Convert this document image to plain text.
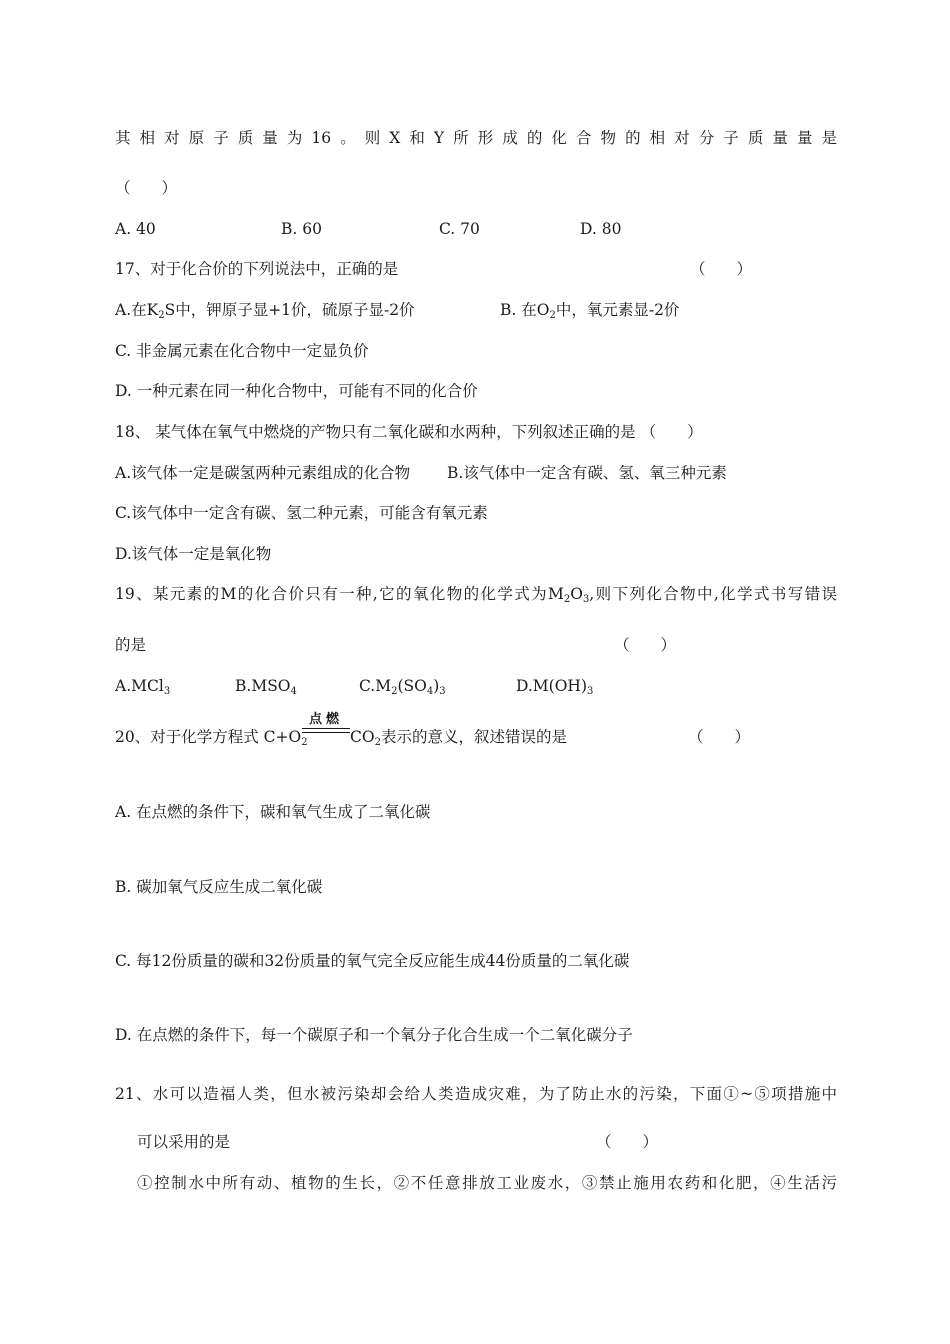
其相对原子质量为16。则X和Y所形成的化合物的相对分子质量量是
（　　）
A. 40	B. 60	C. 70	D. 80
17、对于化合价的下列说法中，正确的是	（　　）
A.在$K_2S$中，钾原子显+1价，硫原子显-2价	B. 在$O_2$中，氧元素显-2价
C. 非金属元素在化合物中一定显负价
D. 一种元素在同一种化合物中，可能有不同的化合价
18、 某气体在氧气中燃烧的产物只有二氧化碳和水两种，下列叙述正确的是 （　　）
A.该气体一定是碳氢两种元素组成的化合物 B.该气体中一定含有碳、氢、氧三种元素
C.该气体中一定含有碳、氢二种元素，可能含有氧元素
D.该气体一定是氧化物
19、某元素的M的化合价只有一种,它的氧化物的化学式为$M_2O_3$,则下列化合物中,化学式书写错误
的是	（　　）
A.MCl$_3$	$B.MSO_4$	$C.M_2(SO_4)_3$	$D.M(OH)_3$
20、对于化学方程式 $C+O_2$
点燃
$CO_2$表示的意义，叙述错误的是	（　　）
A. 在点燃的条件下，碳和氧气生成了二氧化碳
B. 碳加氧气反应生成二氧化碳
C. 每12份质量的碳和32份质量的氧气完全反应能生成44份质量的二氧化碳
D. 在点燃的条件下，每一个碳原子和一个氧分子化合生成一个二氧化碳分子
21、水可以造福人类，但水被污染却会给人类造成灾难，为了防止水的污染，下面①~⑤项措施中
可以采用的是	（　　）
①控制水中所有动、植物的生长，②不任意排放工业废水，③禁止施用农药和化肥，④生活污
